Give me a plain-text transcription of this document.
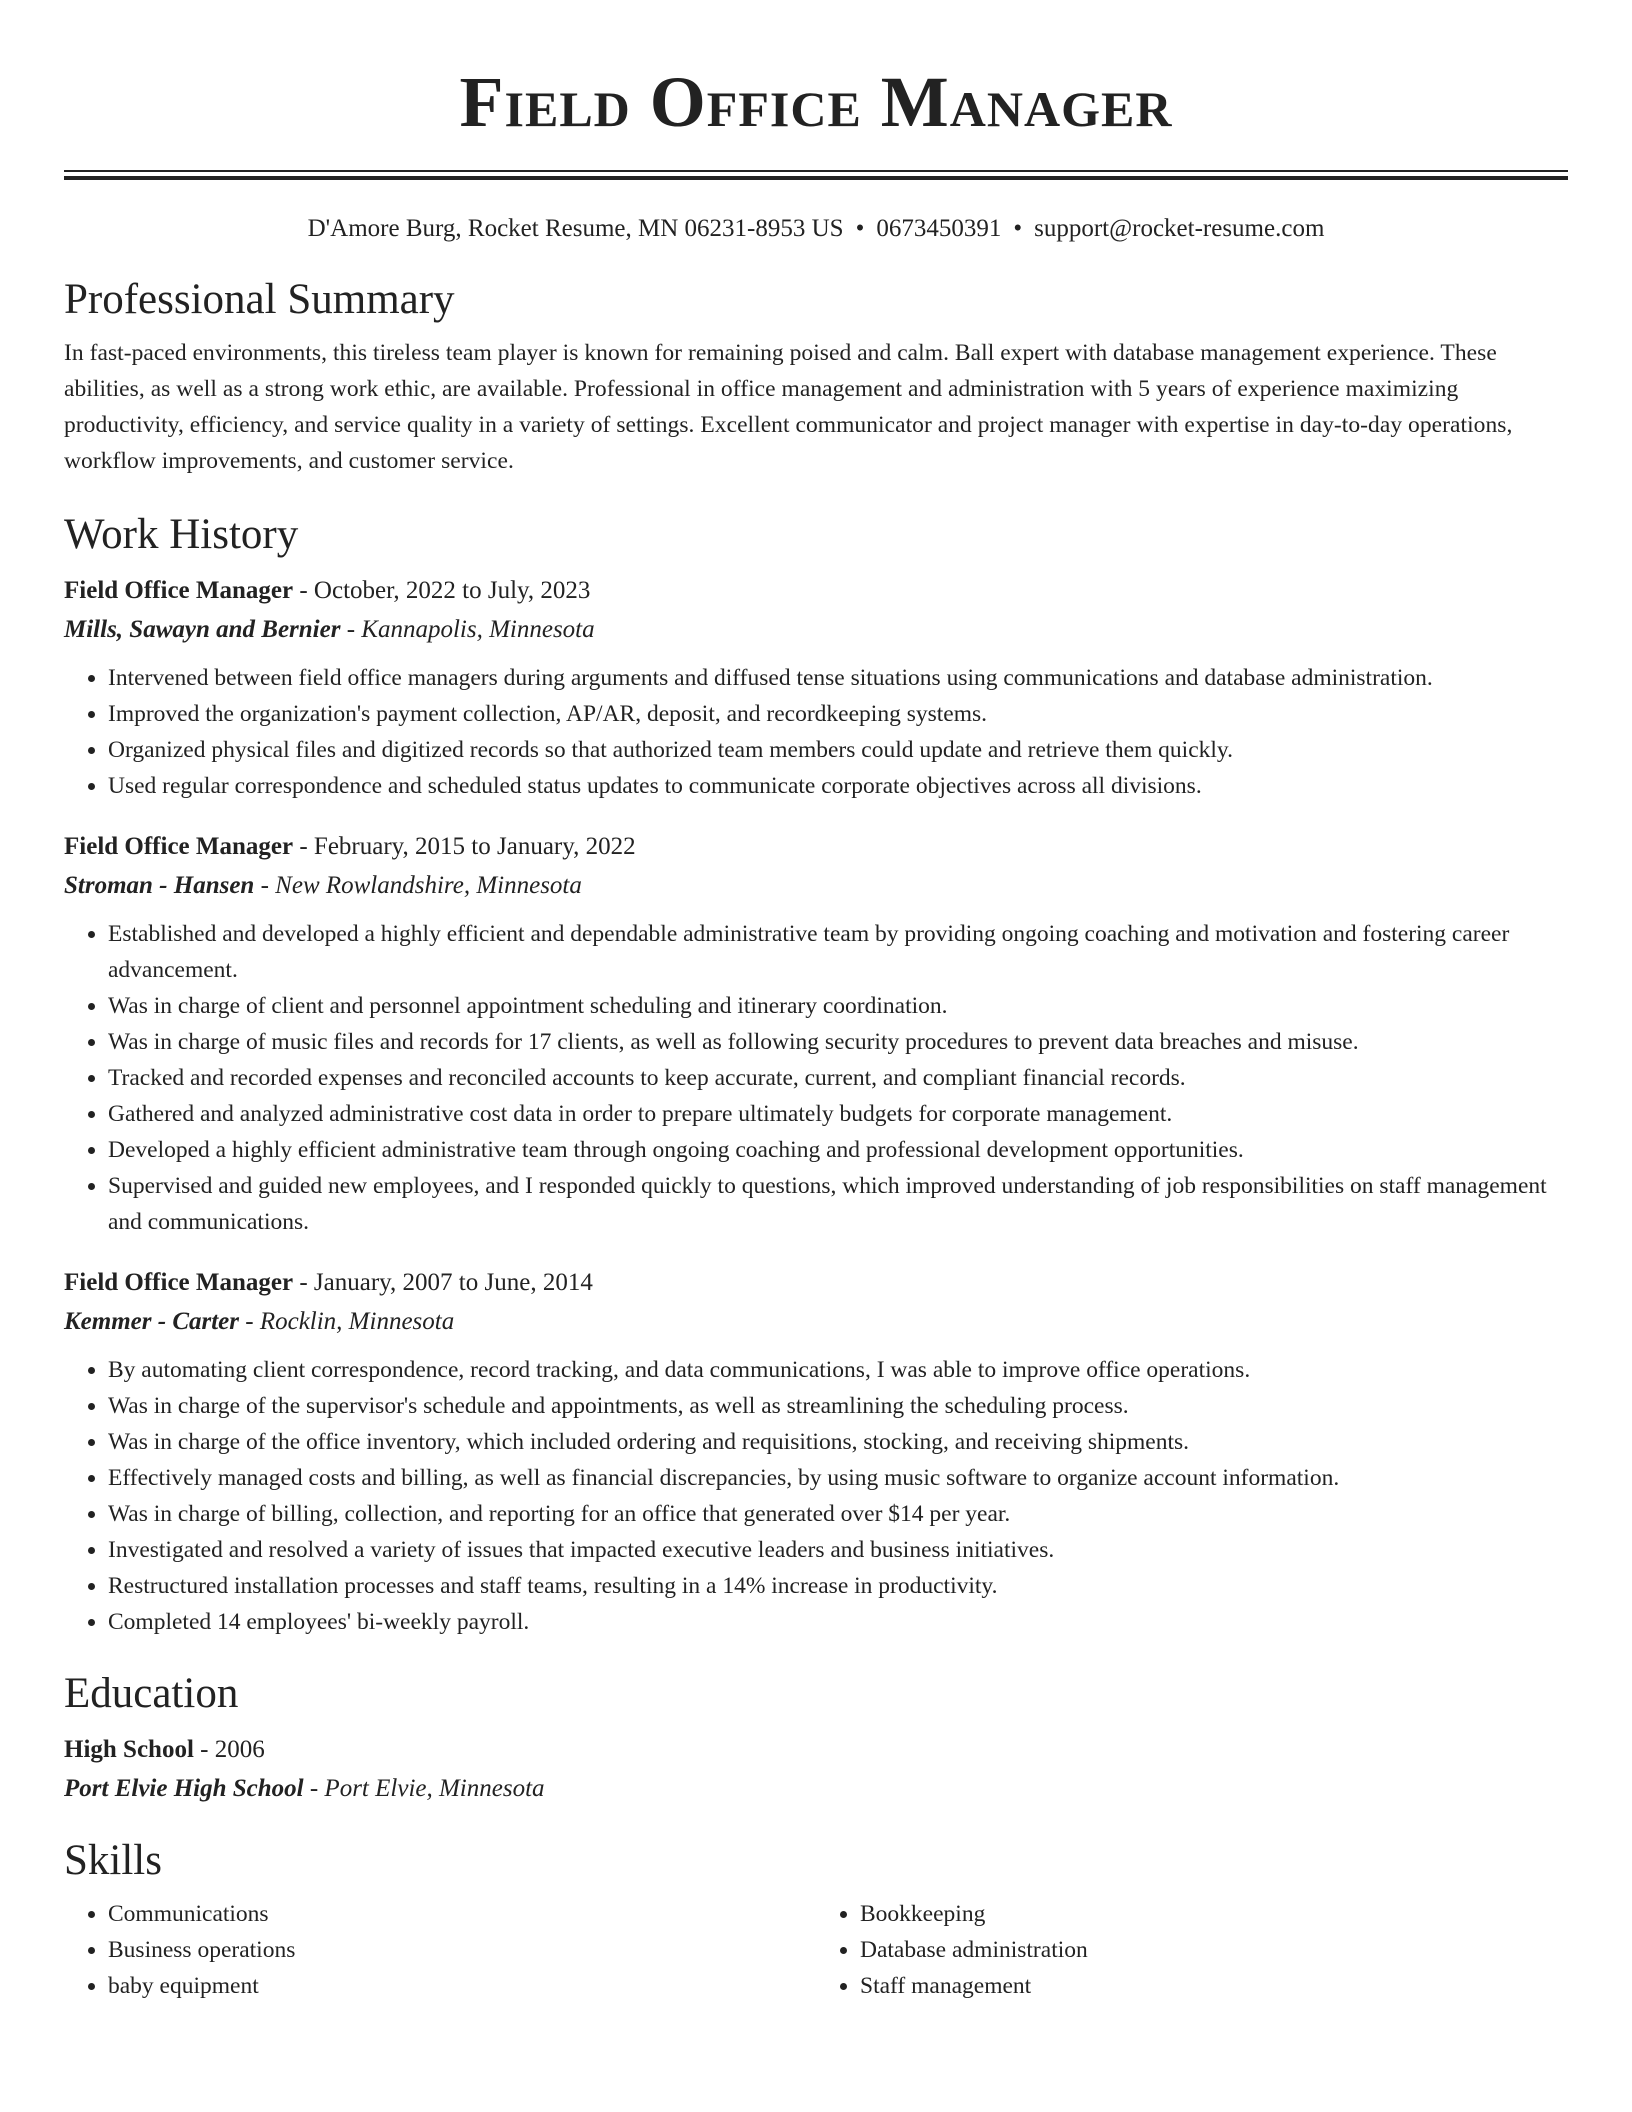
Field Office Manager
D'Amore Burg, Rocket Resume, MN 06231-8953 US • 0673450391 • support@rocket-resume.com
Professional Summary

In fast-paced environments, this tireless team player is known for remaining poised and calm. Ball expert with database management experience. These abilities, as well as a strong work ethic, are available. Professional in office management and administration with 5 years of experience maximizing productivity, efficiency, and service quality in a variety of settings. Excellent communicator and project manager with expertise in day-to-day operations, workflow improvements, and customer service.

Work History
Field Office Manager - October, 2022 to July, 2023
Mills, Sawayn and Bernier - Kannapolis, Minnesota
• Intervened between field office managers during arguments and diffused tense situations using communications and database administration.
• Improved the organization's payment collection, AP/AR, deposit, and recordkeeping systems.
• Organized physical files and digitized records so that authorized team members could update and retrieve them quickly.
• Used regular correspondence and scheduled status updates to communicate corporate objectives across all divisions.
Field Office Manager - February, 2015 to January, 2022
Stroman - Hansen - New Rowlandshire, Minnesota
• Established and developed a highly efficient and dependable administrative team by providing ongoing coaching and motivation and fostering career advancement.
• Was in charge of client and personnel appointment scheduling and itinerary coordination.
• Was in charge of music files and records for 17 clients, as well as following security procedures to prevent data breaches and misuse.
• Tracked and recorded expenses and reconciled accounts to keep accurate, current, and compliant financial records.
• Gathered and analyzed administrative cost data in order to prepare ultimately budgets for corporate management.
• Developed a highly efficient administrative team through ongoing coaching and professional development opportunities.
• Supervised and guided new employees, and I responded quickly to questions, which improved understanding of job responsibilities on staff management and communications.
Field Office Manager - January, 2007 to June, 2014
Kemmer - Carter - Rocklin, Minnesota
• By automating client correspondence, record tracking, and data communications, I was able to improve office operations.
• Was in charge of the supervisor's schedule and appointments, as well as streamlining the scheduling process.
• Was in charge of the office inventory, which included ordering and requisitions, stocking, and receiving shipments.
• Effectively managed costs and billing, as well as financial discrepancies, by using music software to organize account information.
• Was in charge of billing, collection, and reporting for an office that generated over $14 per year.
• Investigated and resolved a variety of issues that impacted executive leaders and business initiatives.
• Restructured installation processes and staff teams, resulting in a 14% increase in productivity.
• Completed 14 employees' bi-weekly payroll.
Education
High School - 2006
Port Elvie High School - Port Elvie, Minnesota
Skills
• Communications
• Business operations
• baby equipment
• Bookkeeping
• Database administration
• Staff management
